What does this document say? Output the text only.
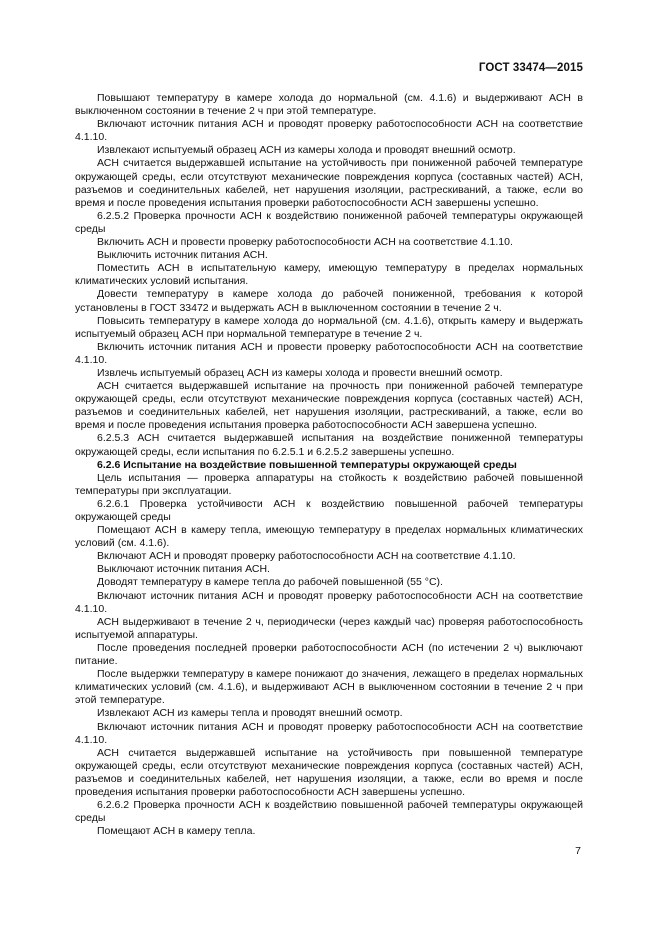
ГОСТ 33474—2015

Повышают температуру в камере холода до нормальной (см. 4.1.6) и выдерживают АСН в выключенном состоянии в течение 2 ч при этой температуре.

Включают источник питания АСН и проводят проверку работоспособности АСН на соответствие 4.1.10.

Извлекают испытуемый образец АСН из камеры холода и проводят внешний осмотр.

АСН считается выдержавшей испытание на устойчивость при пониженной рабочей температуре окружающей среды, если отсутствуют механические повреждения корпуса (составных частей) АСН, разъемов и соединительных кабелей, нет нарушения изоляции, растрескиваний, а также, если во время и после проведения испытания проверки работоспособности АСН завершены успешно.

6.2.5.2 Проверка прочности АСН к воздействию пониженной рабочей температуры окружающей среды

Включить АСН и провести проверку работоспособности АСН на соответствие 4.1.10.

Выключить источник питания АСН.

Поместить АСН в испытательную камеру, имеющую температуру в пределах нормальных климатических условий испытания.

Довести температуру в камере холода до рабочей пониженной, требования к которой установлены в ГОСТ 33472 и выдержать АСН в выключенном состоянии в течение 2 ч.

Повысить температуру в камере холода до нормальной (см. 4.1.6), открыть камеру и выдержать испытуемый образец АСН при нормальной температуре в течение 2 ч.

Включить источник питания АСН и провести проверку работоспособности АСН на соответствие 4.1.10.

Извлечь испытуемый образец АСН из камеры холода и провести внешний осмотр.

АСН считается выдержавшей испытание на прочность при пониженной рабочей температуре окружающей среды, если отсутствуют механические повреждения корпуса (составных частей) АСН, разъемов и соединительных кабелей, нет нарушения изоляции, растрескиваний, а также, если во время и после проведения испытания проверка работоспособности АСН завершена успешно.

6.2.5.3 АСН считается выдержавшей испытания на воздействие пониженной температуры окружающей среды, если испытания по 6.2.5.1 и 6.2.5.2 завершены успешно.

6.2.6 Испытание на воздействие повышенной температуры окружающей среды

Цель испытания — проверка аппаратуры на стойкость к воздействию рабочей повышенной температуры при эксплуатации.

6.2.6.1 Проверка устойчивости АСН к воздействию повышенной рабочей температуры окружающей среды

Помещают АСН в камеру тепла, имеющую температуру в пределах нормальных климатических условий (см. 4.1.6).

Включают АСН и проводят проверку работоспособности АСН на соответствие 4.1.10.

Выключают источник питания АСН.

Доводят температуру в камере тепла до рабочей повышенной (55 °С).

Включают источник питания АСН и проводят проверку работоспособности АСН на соответствие 4.1.10.

АСН выдерживают в течение 2 ч, периодически (через каждый час) проверяя работоспособность испытуемой аппаратуры.

После проведения последней проверки работоспособности АСН (по истечении 2 ч) выключают питание.

После выдержки температуру в камере понижают до значения, лежащего в пределах нормальных климатических условий (см. 4.1.6), и выдерживают АСН в выключенном состоянии в течение 2 ч при этой температуре.

Извлекают АСН из камеры тепла и проводят внешний осмотр.

Включают источник питания АСН и проводят проверку работоспособности АСН на соответствие 4.1.10.

АСН считается выдержавшей испытание на устойчивость при повышенной температуре окружающей среды, если отсутствуют механические повреждения корпуса (составных частей) АСН, разъемов и соединительных кабелей, нет нарушения изоляции, а также, если во время и после проведения испытания проверки работоспособности АСН завершены успешно.

6.2.6.2 Проверка прочности АСН к воздействию повышенной рабочей температуры окружающей среды

Помещают АСН в камеру тепла.

7
